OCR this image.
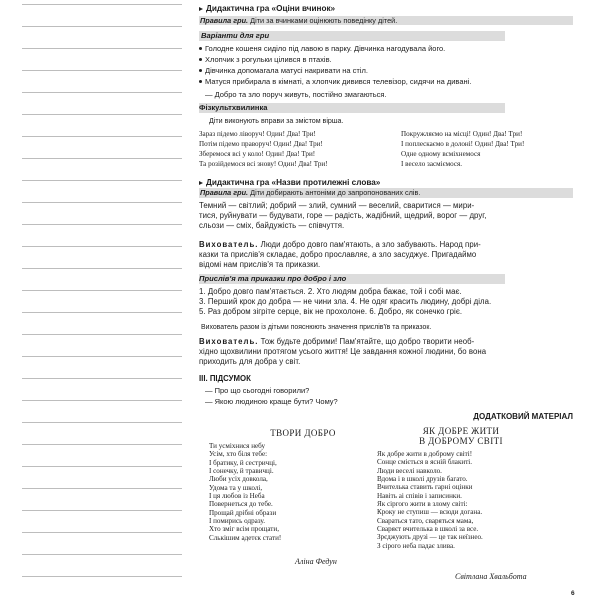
Дидактична гра «Оціни вчинок»
Правила гри. Діти за вчинками оцінюють поведінку дітей.
Варіанти для гри
Голодне кошеня сиділо під лавою в парку. Дівчинка нагодувала його.
Хлопчик з рогульки цілився в птахів.
Дівчинка допомагала матусі накривати на стіл.
Матуся прибирала в кімнаті, а хлопчик дивився телевізор, сидячи на дивані.
— Добро та зло поруч живуть, постійно змагаються.
Фізкультхвилинка
Діти виконують вправи за змістом вірша.
Зараз підемо ліворуч! Один! Два! Три!
Потім підемо праворуч! Один! Два! Три!
Зберемося всі у коло! Один! Два! Три!
Та розійдемося всі знову! Один! Два! Три!
Покружляємо на місці! Один! Два! Три!
І поплескаємо в долоні! Один! Два! Три!
Одне одному всміхнемося
І весело засміємося.
Дидактична гра «Назви протилежні слова»
Правила гри. Діти добирають антоніми до запропонованих слів.
Темний — світлий; добрий — злий, сумний — веселий, сваритися — мири-
тися, руйнувати — будувати, горе — радість, жадібний, щедрий, ворог — друг,
сльози — сміх, байдужість — співчуття.
Вихователь. Люди добро довго пам'ятають, а зло забувають. Народ при-
казки та прислів'я складає, добро прославляє, а зло засуджує. Пригадаймо
відомі нам прислів'я та приказки.
Прислів'я та приказки про добро і зло
1. Добро довго пам'ятається. 2. Хто людям добра бажає, той і собі має.
3. Перший крок до добра — не чини зла. 4. Не одяг красить людину, добрі діла.
5. Раз добром зігріте серце, вік не прохолоне. 6. Добро, як сонечко гріє.
Вихователь разом із дітьми пояснюють значення прислів'їв та приказок.
Вихователь. Тож будьте добрими! Пам'ятайте, що добро творити необ-
хідно щохвилини протягом усього життя! Це завдання кожної людини, бо вона
приходить для добра у світ.
ІІІ. ПІДСУМОК
— Про що сьогодні говорили?
— Якою людиною краще бути? Чому?
ДОДАТКОВИЙ МАТЕРІАЛ
ТВОРИ ДОБРО
Ти усміхнися небу
Усім, хто біля тебе:
І братику, й сестричці,
І сонечку, й травичці.
Люби усіх довкола,
Удома та у школі,
І ця любов із Неба
Повернеться до тебе.
Прощай дрібні образи
І помирись одразу.
Хто зміг всім прощати,
Слькішим адетєк стати!
Аліна Федун
ЯК ДОБРЕ ЖИТИ
В ДОБРОМУ СВІТІ
Як добре жити в доброму світі!
Сонце сміється в ясній блакиті.
Люди веселі навколо.
Вдома і в школі друзів багато.
Вчителька ставить гарні оцінки
Навіть аі співів і записинки.
Як сіргого жити в злому світі:
Кроку не ступиш — всюди догана.
Свараться тато, сваряться мама,
Сваряєт вчителька в школі за все.
Зрєджують друзі — це так неїзнео.
З сірого неба падає злива.
Світлана Хвальбота
6
